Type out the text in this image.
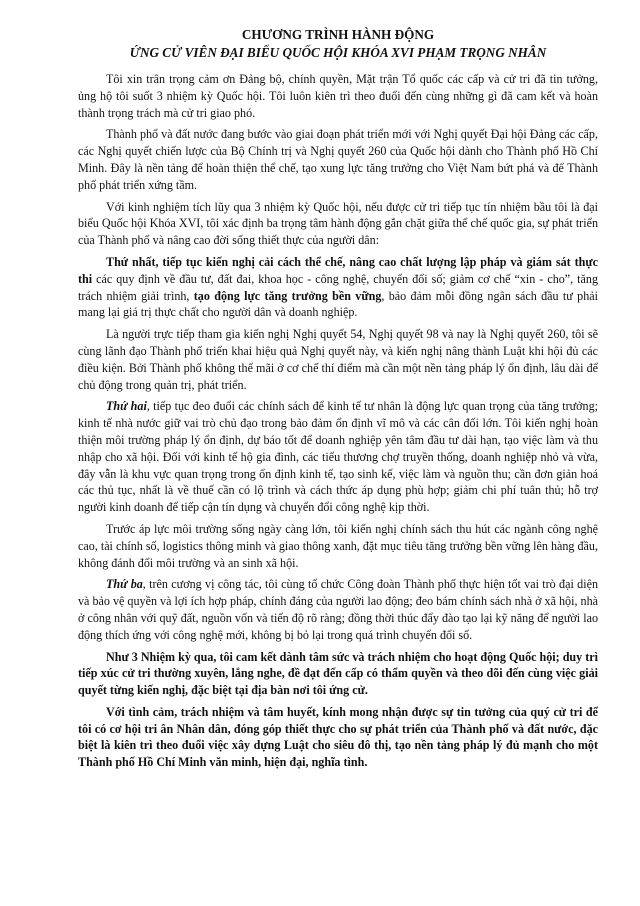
CHƯƠNG TRÌNH HÀNH ĐỘNG
ỨNG CỬ VIÊN ĐẠI BIỂU QUỐC HỘI KHÓA XVI PHẠM TRỌNG NHÂN

Tôi xin trân trọng cảm ơn Đảng bộ, chính quyền, Mặt trận Tổ quốc các cấp và cử tri đã tin tưởng, ủng hộ tôi suốt 3 nhiệm kỳ Quốc hội. Tôi luôn kiên trì theo đuổi đến cùng những gì đã cam kết và hoàn thành trọng trách mà cử tri giao phó.

Thành phố và đất nước đang bước vào giai đoạn phát triển mới với Nghị quyết Đại hội Đảng các cấp, các Nghị quyết chiến lược của Bộ Chính trị và Nghị quyết 260 của Quốc hội dành cho Thành phố Hồ Chí Minh. Đây là nền tảng để hoàn thiện thể chế, tạo xung lực tăng trưởng cho Việt Nam bứt phá và để Thành phố phát triển xứng tầm.

Với kinh nghiệm tích lũy qua 3 nhiệm kỳ Quốc hội, nếu được cử tri tiếp tục tín nhiệm bầu tôi là đại biểu Quốc hội Khóa XVI, tôi xác định ba trọng tâm hành động gắn chặt giữa thể chế quốc gia, sự phát triển của Thành phố và nâng cao đời sống thiết thực của người dân:

Thứ nhất, tiếp tục kiến nghị cải cách thể chế, nâng cao chất lượng lập pháp và giám sát thực thi các quy định về đầu tư, đất đai, khoa học - công nghệ, chuyển đổi số; giảm cơ chế “xin - cho”, tăng trách nhiệm giải trình, tạo động lực tăng trưởng bền vững, bảo đảm mỗi đồng ngân sách đầu tư phải mang lại giá trị thực chất cho người dân và doanh nghiệp.

Là người trực tiếp tham gia kiến nghị Nghị quyết 54, Nghị quyết 98 và nay là Nghị quyết 260, tôi sẽ cùng lãnh đạo Thành phố triển khai hiệu quả Nghị quyết này, và kiến nghị nâng thành Luật khi hội đủ các điều kiện. Bởi Thành phố không thể mãi ở cơ chế thí điểm mà cần một nền tảng pháp lý ổn định, lâu dài để chủ động trong quản trị, phát triển.

Thứ hai, tiếp tục đeo đuổi các chính sách để kinh tế tư nhân là động lực quan trọng của tăng trưởng; kinh tế nhà nước giữ vai trò chủ đạo trong bảo đảm ổn định vĩ mô và các cân đối lớn. Tôi kiến nghị hoàn thiện môi trường pháp lý ổn định, dự báo tốt để doanh nghiệp yên tâm đầu tư dài hạn, tạo việc làm và thu nhập cho xã hội. Đối với kinh tế hộ gia đình, các tiểu thương chợ truyền thống, doanh nghiệp nhỏ và vừa, đây vẫn là khu vực quan trọng trong ổn định kinh tế, tạo sinh kế, việc làm và nguồn thu; cần đơn giản hoá các thủ tục, nhất là về thuế cần có lộ trình và cách thức áp dụng phù hợp; giảm chi phí tuân thủ; hỗ trợ người kinh doanh để tiếp cận tín dụng và chuyển đổi công nghệ kịp thời.

Trước áp lực môi trường sống ngày càng lớn, tôi kiến nghị chính sách thu hút các ngành công nghệ cao, tài chính số, logistics thông minh và giao thông xanh, đặt mục tiêu tăng trưởng bền vững lên hàng đầu, không đánh đổi môi trường và an sinh xã hội.

Thứ ba, trên cương vị công tác, tôi cùng tổ chức Công đoàn Thành phố thực hiện tốt vai trò đại diện và bảo vệ quyền và lợi ích hợp pháp, chính đáng của người lao động; đeo bám chính sách nhà ở xã hội, nhà ở công nhân với quỹ đất, nguồn vốn và tiến độ rõ ràng; đồng thời thúc đẩy đào tạo lại kỹ năng để người lao động thích ứng với công nghệ mới, không bị bỏ lại trong quá trình chuyển đổi số.

Như 3 Nhiệm kỳ qua, tôi cam kết dành tâm sức và trách nhiệm cho hoạt động Quốc hội; duy trì tiếp xúc cử tri thường xuyên, lắng nghe, đề đạt đến cấp có thẩm quyền và theo dõi đến cùng việc giải quyết từng kiến nghị, đặc biệt tại địa bàn nơi tôi ứng cử.

Với tình cảm, trách nhiệm và tâm huyết, kính mong nhận được sự tin tưởng của quý cử tri để tôi có cơ hội tri ân Nhân dân, đóng góp thiết thực cho sự phát triển của Thành phố và đất nước, đặc biệt là kiên trì theo đuổi việc xây dựng Luật cho siêu đô thị, tạo nền tảng pháp lý đủ mạnh cho một Thành phố Hồ Chí Minh văn minh, hiện đại, nghĩa tình.
